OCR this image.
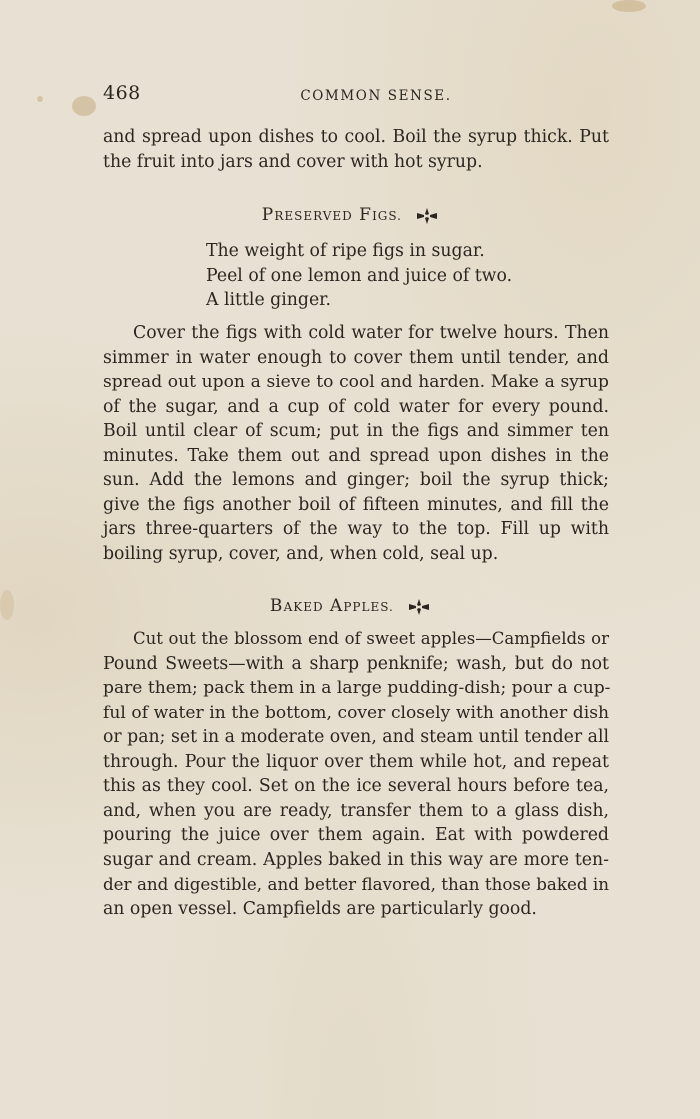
468	COMMON SENSE.
and spread upon dishes to cool. Boil the syrup thick. Put
the fruit into jars and cover with hot syrup.
PRESERVED FIGS.
The weight of ripe figs in sugar.
Peel of one lemon and juice of two.
A little ginger.
Cover the figs with cold water for twelve hours. Then
simmer in water enough to cover them until tender, and
spread out upon a sieve to cool and harden. Make a syrup
of the sugar, and a cup of cold water for every pound.
Boil until clear of scum; put in the figs and simmer ten
minutes. Take them out and spread upon dishes in the
sun. Add the lemons and ginger; boil the syrup thick;
give the figs another boil of fifteen minutes, and fill the
jars three-quarters of the way to the top. Fill up with
boiling syrup, cover, and, when cold, seal up.
BAKED APPLES.
Cut out the blossom end of sweet apples—Campfields or
Pound Sweets—with a sharp penknife; wash, but do not
pare them; pack them in a large pudding-dish; pour a cup-
ful of water in the bottom, cover closely with another dish
or pan; set in a moderate oven, and steam until tender all
through. Pour the liquor over them while hot, and repeat
this as they cool. Set on the ice several hours before tea,
and, when you are ready, transfer them to a glass dish,
pouring the juice over them again. Eat with powdered
sugar and cream. Apples baked in this way are more ten-
der and digestible, and better flavored, than those baked in
an open vessel. Campfields are particularly good.
